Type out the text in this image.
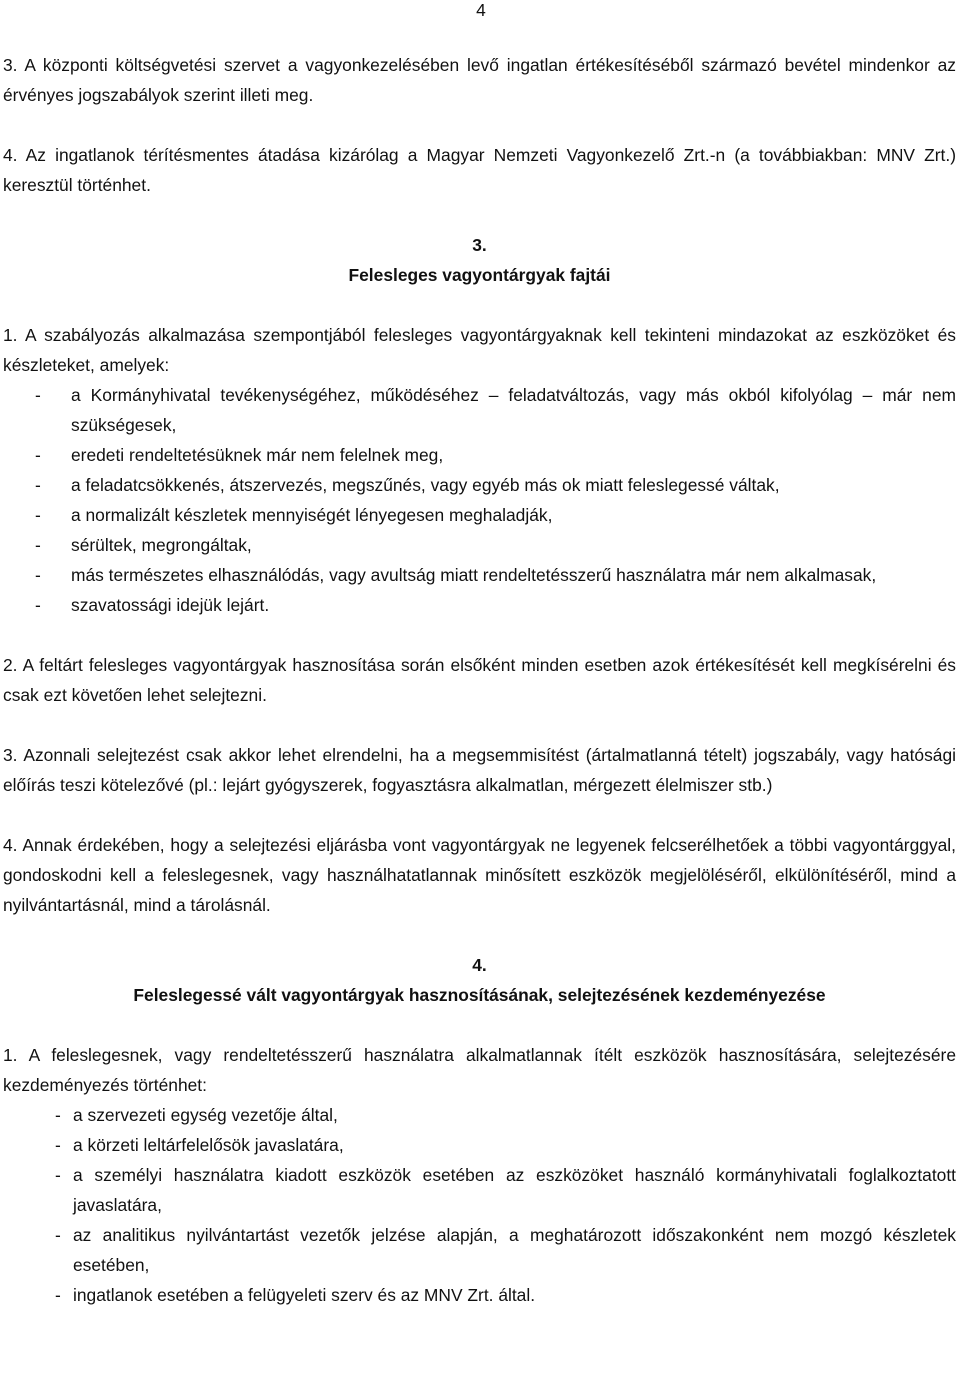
4

3. A központi költségvetési szervet a vagyonkezelésében levő ingatlan értékesítéséből származó bevétel mindenkor az érvényes jogszabályok szerint illeti meg.

4. Az ingatlanok térítésmentes átadása kizárólag a Magyar Nemzeti Vagyonkezelő Zrt.-n (a továbbiakban: MNV Zrt.) keresztül történhet.

3.
Felesleges vagyontárgyak fajtái

1. A szabályozás alkalmazása szempontjából felesleges vagyontárgyaknak kell tekinteni mindazokat az eszközöket és készleteket, amelyek:

- a Kormányhivatal tevékenységéhez, működéséhez – feladatváltozás, vagy más okból kifolyólag – már nem szükségesek,
- eredeti rendeltetésüknek már nem felelnek meg,
- a feladatcsökkenés, átszervezés, megszűnés, vagy egyéb más ok miatt feleslegessé váltak,
- a normalizált készletek mennyiségét lényegesen meghaladják,
- sérültek, megrongáltak,
- más természetes elhasználódás, vagy avultság miatt rendeltetésszerű használatra már nem alkalmasak,
- szavatossági idejük lejárt.

2. A feltárt felesleges vagyontárgyak hasznosítása során elsőként minden esetben azok értékesítését kell megkísérelni és csak ezt követően lehet selejtezni.

3. Azonnali selejtezést csak akkor lehet elrendelni, ha a megsemmisítést (ártalmatlanná tételt) jogszabály, vagy hatósági előírás teszi kötelezővé (pl.: lejárt gyógyszerek, fogyasztásra alkalmatlan, mérgezett élelmiszer stb.)

4. Annak érdekében, hogy a selejtezési eljárásba vont vagyontárgyak ne legyenek felcserélhetőek a többi vagyontárggyal, gondoskodni kell a feleslegesnek, vagy használhatatlannak minősített eszközök megjelöléséről, elkülönítéséről, mind a nyilvántartásnál, mind a tárolásnál.

4.
Feleslegessé vált vagyontárgyak hasznosításának, selejtezésének kezdeményezése

1. A feleslegesnek, vagy rendeltetésszerű használatra alkalmatlannak ítélt eszközök hasznosítására, selejtezésére kezdeményezés történhet:

- a szervezeti egység vezetője által,
- a körzeti leltárfelelősök javaslatára,
- a személyi használatra kiadott eszközök esetében az eszközöket használó kormányhivatali foglalkoztatott javaslatára,
- az analitikus nyilvántartást vezetők jelzése alapján, a meghatározott időszakonként nem mozgó készletek esetében,
- ingatlanok esetében a felügyeleti szerv és az MNV Zrt. által.
